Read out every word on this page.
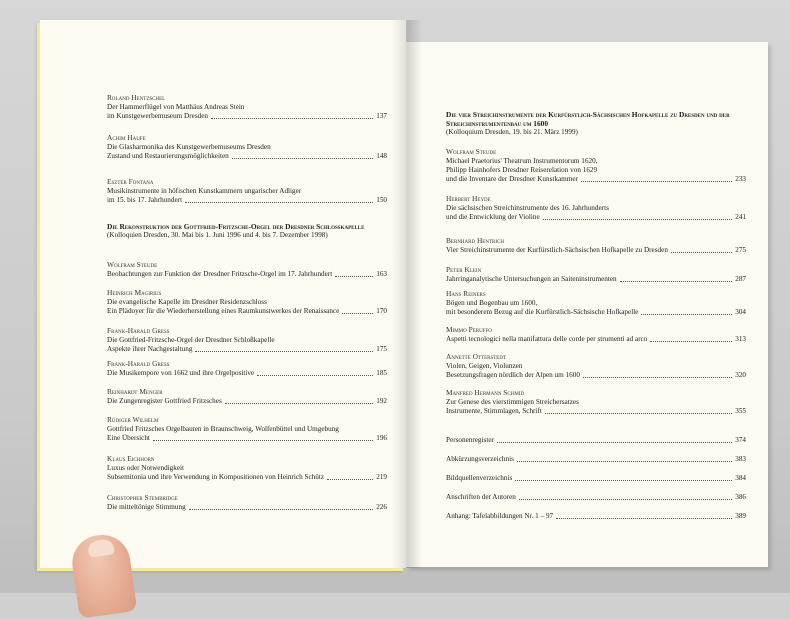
Roland Hentzschel
Der Hammerflügel von Matthäus Andreas Stein
im Kunstgewerbemuseum Dresden	137
Achim Haufe
Die Glasharmonika des Kunstgewerbemuseums Dresden
Zustand und Restaurierungsmöglichkeiten	148
Eszter Fontana
Musikinstrumente in höfischen Kunstkammern ungarischer Adliger
im 15. bis 17. Jahrhundert	150
Die Rekonstruktion der Gottfried-Fritzsche-Orgel der Dresdner Schloßkapelle
(Kolloquien Dresden, 30. Mai bis 1. Juni 1996 und 4. bis 7. Dezember 1998)
Wolfram Steude
Beobachtungen zur Funktion der Dresdner Fritzsche-Orgel im 17. Jahrhundert	163
Heinrich Magirius
Die evangelische Kapelle im Dresdner Residenzschloss
Ein Plädoyer für die Wiederherstellung eines Raumkunstwerkes der Renaissance	170
Frank-Harald Greß
Die Gottfried-Fritzsche-Orgel der Dresdner Schloßkapelle
Aspekte ihrer Nachgestaltung	175
Frank-Harald Greß
Die Musikempore von 1662 und ihre Orgelpositive	185
Reinhardt Menger
Die Zungenregister Gottfried Fritzsches	192
Rüdiger Wilhelm
Gottfried Fritzsches Orgelbauten in Braunschweig, Wolfenbüttel und Umgebung
Eine Übersicht	196
Klaus Eichhorn
Luxus oder Notwendigkeit
Subsemitonia und ihre Verwendung in Kompositionen von Heinrich Schütz	219
Christopher Stembridge
Die mitteltönige Stimmung	226
Die vier Streichinstrumente der Kurfürstlich-Sächsischen Hofkapelle zu Dresden und der Streichinstrumentenbau um 1600
(Kolloquium Dresden, 19. bis 21. März 1999)
Wolfram Steude
Michael Praetorius' Theatrum Instrumentorum 1620,
Philipp Hainhofers Dresdner Reiserelation von 1629
und die Inventare der Dresdner Kunstkammer	233
Herbert Heyde
Die sächsischen Streichinstrumente des 16. Jahrhunderts
und die Entwicklung der Violine	241
Bernhard Hentrich
Vier Streichinstrumente der Kurfürstlich-Sächsischen Hofkapelle zu Dresden	275
Peter Klein
Jahrringanalytische Untersuchungen an Saiteninstrumenten	287
Hans Reiners
Bögen und Bogenbau um 1600,
mit besonderem Bezug auf die Kurfürstlich-Sächsische Hofkapelle	304
Mimmo Peruffo
Aspetti tecnologici nella manifattura delle corde per strumenti ad arco	313
Annette Otterstedt
Violen, Geigen, Violunzen
Besetzungsfragen nördlich der Alpen um 1600	320
Manfred Hermann Schmid
Zur Genese des vierstimmigen Streichersatzes
Instrumente, Stimmlagen, Schrift	355
Personenregister	374
Abkürzungsverzeichnis	383
Bildquellenverzeichnis	384
Anschriften der Autoren	386
Anhang: Tafelabbildungen Nr. 1 – 97	389
